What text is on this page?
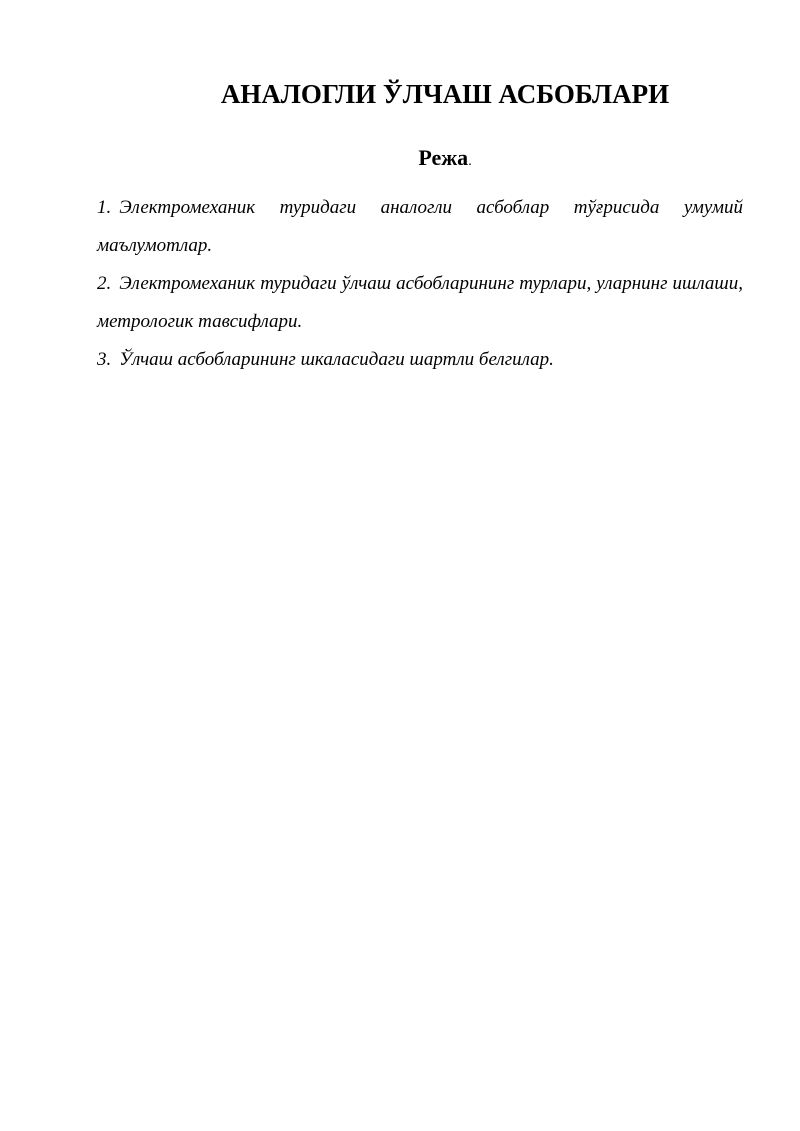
АНАЛОГЛИ ЎЛЧАШ АСБОБЛАРИ

Режа.

1. Электромеханик туридаги аналогли асбоблар тўғрисида умумий маълумотлар.
2. Электромеханик туридаги ўлчаш асбобларининг турлари, уларнинг ишлаши, метрологик тавсифлари.
3. Ўлчаш асбобларининг шкаласидаги шартли белгилар.
